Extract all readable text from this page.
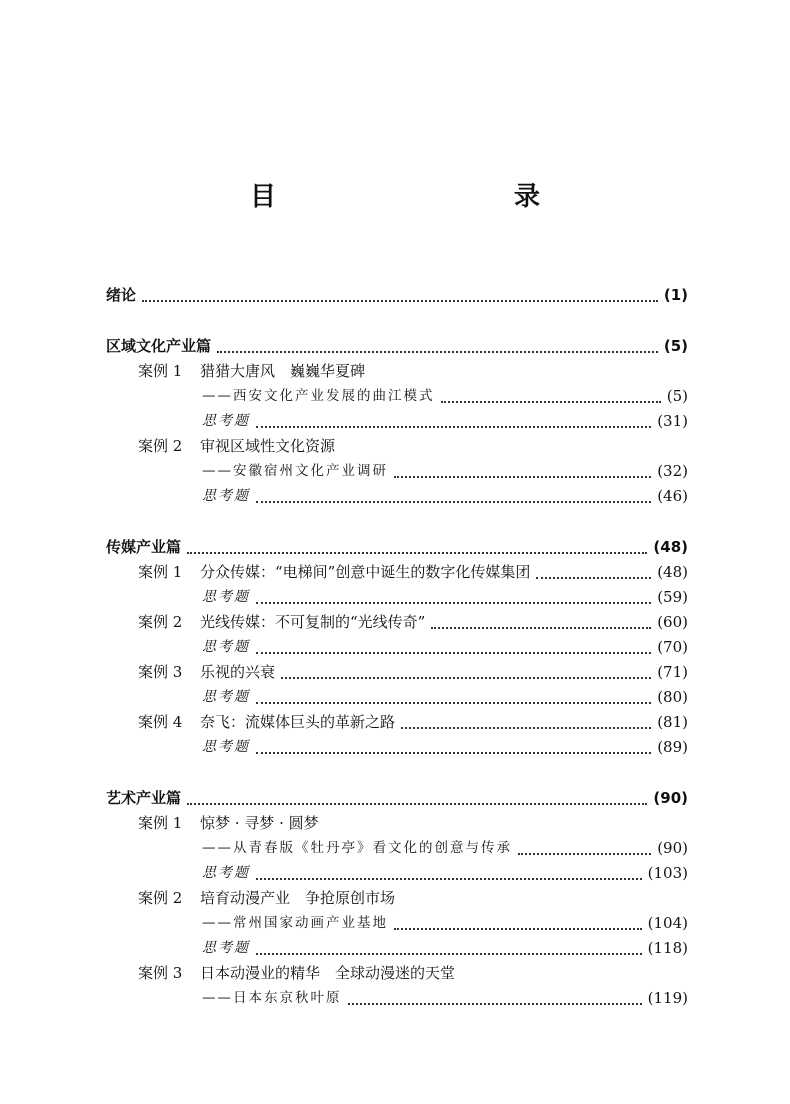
目　　录
绪论	(1)
区域文化产业篇	(5)
案例 1	猎猎大唐风　巍巍华夏碑
——西安文化产业发展的曲江模式	(5)
思考题	(31)
案例 2	审视区域性文化资源
——安徽宿州文化产业调研	(32)
思考题	(46)
传媒产业篇	(48)
案例 1	分众传媒：“电梯间”创意中诞生的数字化传媒集团	(48)
思考题	(59)
案例 2	光线传媒：不可复制的“光线传奇”	(60)
思考题	(70)
案例 3	乐视的兴衰	(71)
思考题	(80)
案例 4	奈飞：流媒体巨头的革新之路	(81)
思考题	(89)
艺术产业篇	(90)
案例 1	惊梦 · 寻梦 · 圆梦
——从青春版《牡丹亭》看文化的创意与传承	(90)
思考题	(103)
案例 2	培育动漫产业　争抢原创市场
——常州国家动画产业基地	(104)
思考题	(118)
案例 3	日本动漫业的精华　全球动漫迷的天堂
——日本东京秋叶原	(119)
